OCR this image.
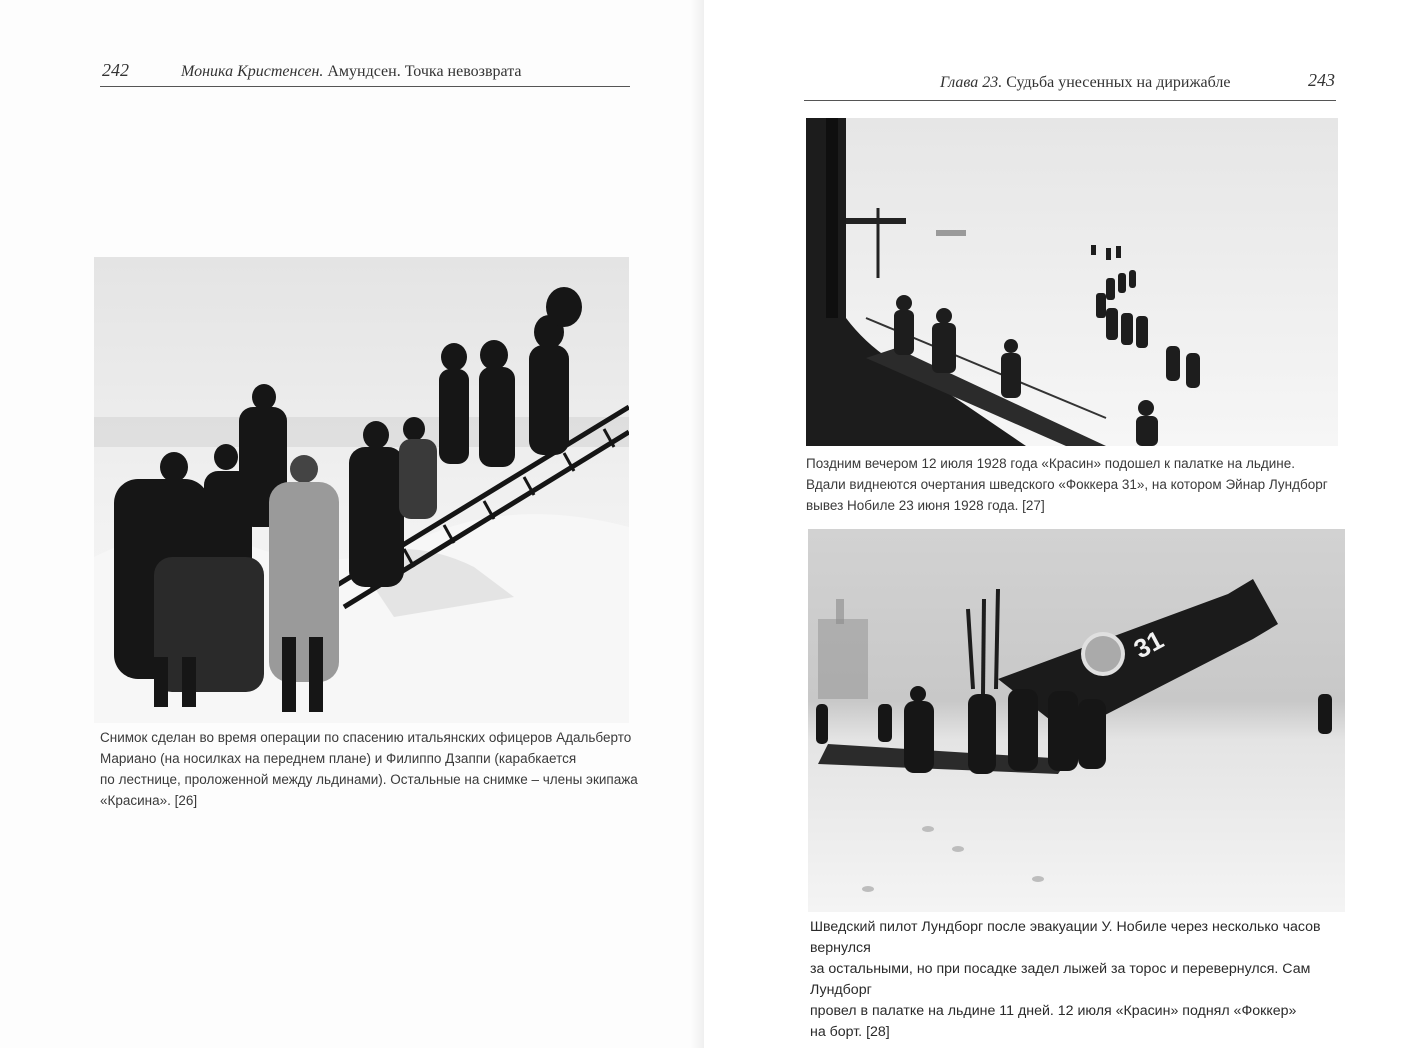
242	Моника Кристенсен. Амундсен. Точка невозврата
Снимок сделан во время операции по спасению итальянских офицеров Адальберто
Мариано (на носилках на переднем плане) и Филиппо Дзаппи (карабкается
по лестнице, проложенной между льдинами). Остальные на снимке – члены экипажа
«Красина». [26]
Глава 23. Судьба унесенных на дирижабле	243
Поздним вечером 12 июля 1928 года «Красин» подошел к палатке на льдине.
Вдали виднеются очертания шведского «Фоккера 31», на котором Эйнар Лундборг
вывез Нобиле 23 июня 1928 года. [27]
31
Шведский пилот Лундборг после эвакуации У. Нобиле через несколько часов вернулся
за остальными, но при посадке задел лыжей за торос и перевернулся. Сам Лундборг
провел в палатке на льдине 11 дней. 12 июля «Красин» поднял «Фоккер»
на борт. [28]
